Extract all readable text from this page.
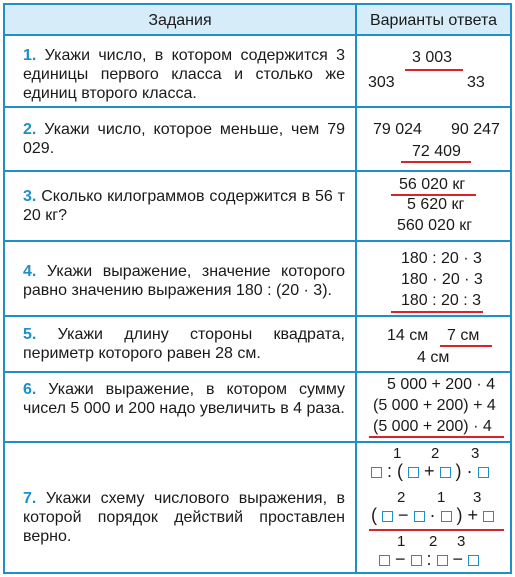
Задания	Варианты ответа
1. Укажи число, в котором содержится 3 единицы первого класса и столько же единиц второго класса.
3 003
303	33
2. Укажи число, которое меньше, чем 79 029.
79 024 90 247
72 409
3. Сколько килограммов содержится в 56 т 20 кг?
56 020 кг
5 620 кг
560 020 кг
4. Укажи выражение, значение которого равно значению выражения 180 : (20 · 3).
180 : 20 · 3
180 · 20 · 3
180 : 20 : 3
5. Укажи длину стороны квадрата, периметр которого равен 28 см.
14 см 7 см
4 см
6. Укажи выражение, в котором сумму чисел 5 000 и 200 надо увеличить в 4 раза.
5 000 + 200 · 4
(5 000 + 200) + 4
(5 000 + 200) · 4
7. Укажи схему числового выражения, в которой порядок действий проставлен верно.
1 2 3
: (  +  ) ·
2 1 3
(  −  ·  ) +
1 2 3
−  :  −
